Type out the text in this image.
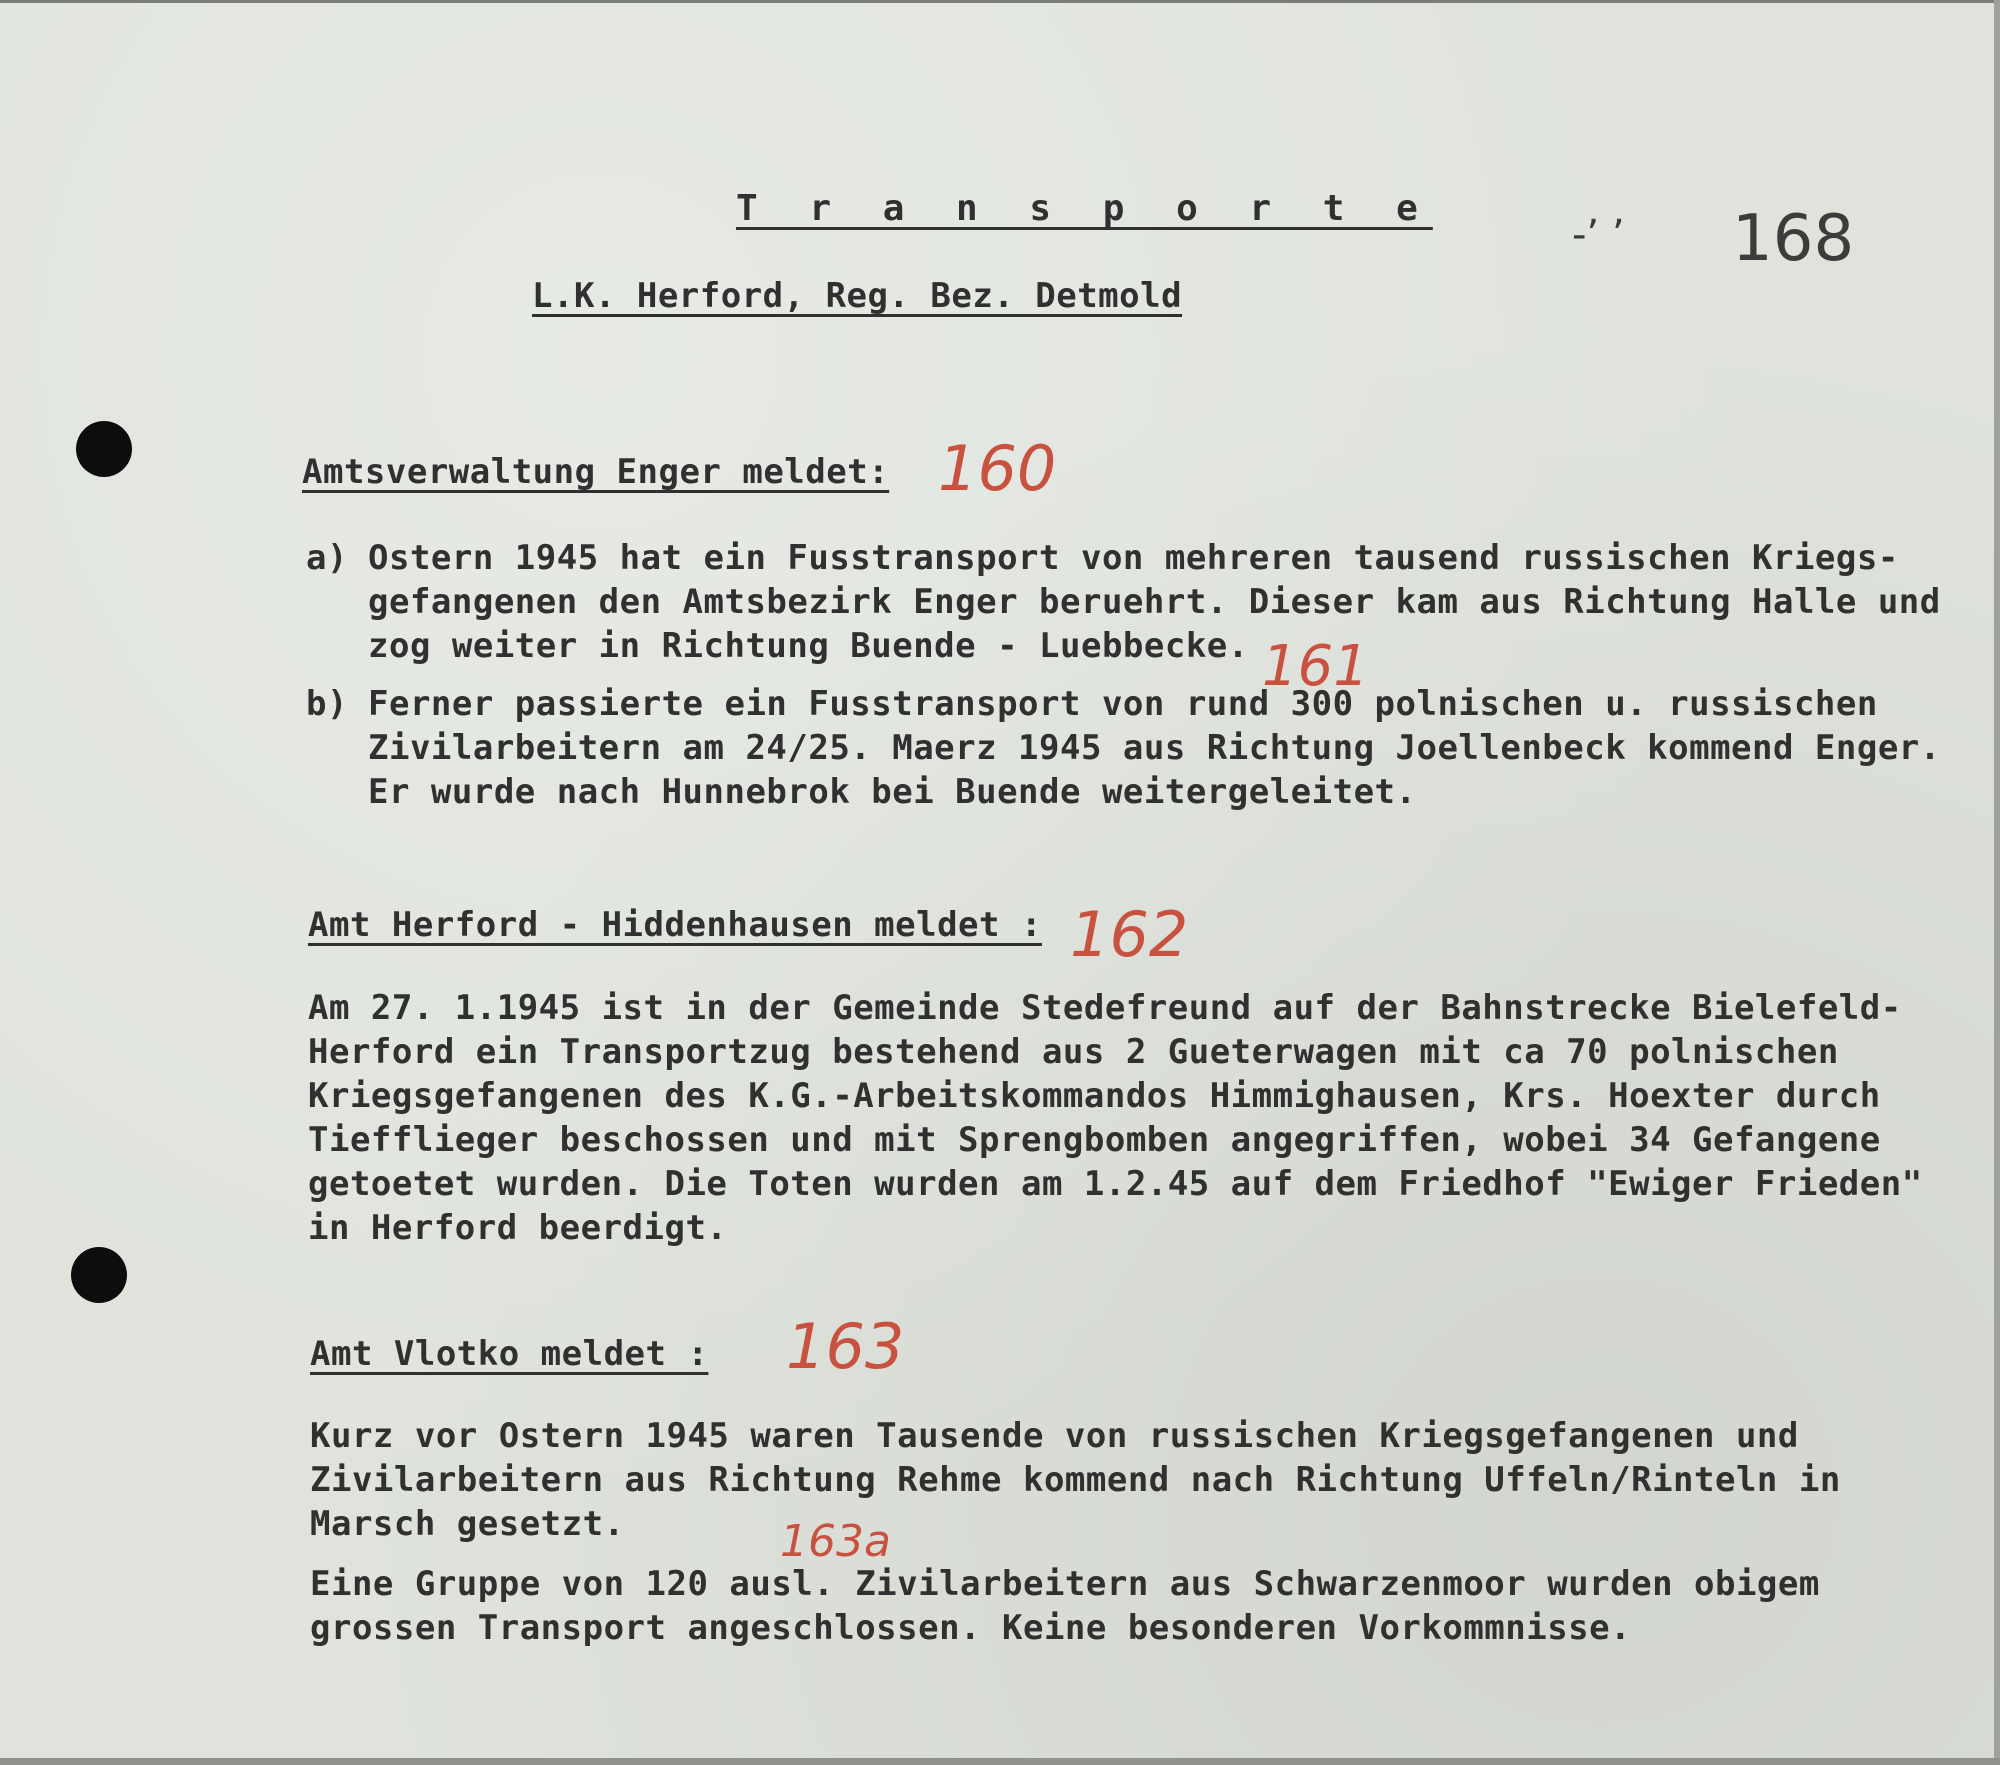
T r a n s p o r t e
L.K. Herford, Reg. Bez. Detmold
-’ ’ 168
Amtsverwaltung Enger meldet: 160
a) Ostern 1945 hat ein Fusstransport von mehreren tausend russischen Kriegs-
gefangenen den Amtsbezirk Enger beruehrt. Dieser kam aus Richtung Halle und
zog weiter in Richtung Buende - Luebbecke. 161
b) Ferner passierte ein Fusstransport von rund 300 polnischen u. russischen
Zivilarbeitern am 24/25. Maerz 1945 aus Richtung Joellenbeck kommend Enger.
Er wurde nach Hunnebrok bei Buende weitergeleitet.
Amt Herford - Hiddenhausen meldet : 162
Am 27. 1.1945 ist in der Gemeinde Stedefreund auf der Bahnstrecke Bielefeld-
Herford ein Transportzug bestehend aus 2 Gueterwagen mit ca 70 polnischen
Kriegsgefangenen des K.G.-Arbeitskommandos Himmighausen, Krs. Hoexter durch
Tiefflieger beschossen und mit Sprengbomben angegriffen, wobei 34 Gefangene
getoetet wurden. Die Toten wurden am 1.2.45 auf dem Friedhof "Ewiger Frieden"
in Herford beerdigt.
Amt Vlotko meldet : 163
Kurz vor Ostern 1945 waren Tausende von russischen Kriegsgefangenen und
Zivilarbeitern aus Richtung Rehme kommend nach Richtung Uffeln/Rinteln in
Marsch gesetzt.	163a
Eine Gruppe von 120 ausl. Zivilarbeitern aus Schwarzenmoor wurden obigem
grossen Transport angeschlossen. Keine besonderen Vorkommnisse.
